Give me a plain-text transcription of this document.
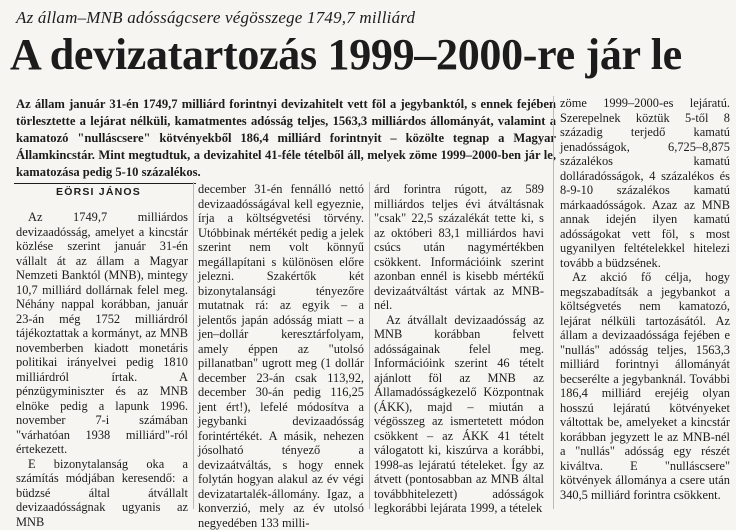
Az állam–MNB adósságcsere végösszege 1749,7 milliárd
A devizatartozás 1999–2000-re jár le
Az állam január 31-én 1749,7 milliárd forintnyi devizahitelt vett föl a jegybanktól, s ennek fejében törlesztette a lejárat nélküli, kamatmentes adósság teljes, 1563,3 milliárdos állományát, valamint a kamatozó "nulláscsere" kötvényekből 186,4 milliárd forintnyit – közölte tegnap a Magyar Államkincstár. Mint megtudtuk, a devizahitel 41-féle tételből áll, melyek zöme 1999–2000-ben jár le, kamatozása pedig 5-10 százalékos.
EÖRSI JÁNOS

Az 1749,7 milliárdos devizaadósság, amelyet a kincstár közlése szerint január 31-én vállalt át az állam a Magyar Nemzeti Banktól (MNB), mintegy 10,7 milliárd dollárnak felel meg. Néhány nappal korábban, január 23-án még 1752 milliárdról tájékoztattak a kormányt, az MNB novemberben kiadott monetáris politikai irányelvei pedig 1810 milliárdról írtak. A pénzügyminiszter és az MNB elnöke pedig a lapunk 1996. november 7-i számában "várhatóan 1938 milliárd"-ról értekezett.

E bizonytalanság oka a számítás módjában keresendő: a büdzsé által átvállalt devizaadósságnak ugyanis az MNB

december 31-én fennálló nettó devizaadósságával kell egyeznie, írja a költségvetési törvény. Utóbbinak mértékét pedig a jelek szerint nem volt könnyű megállapítani s különösen előre jelezni. Szakértők két bizonytalansági tényezőre mutatnak rá: az egyik – a jelentős japán adósság miatt – a jen–dollár keresztárfolyam, amely éppen az "utolsó pillanatban" ugrott meg (1 dollár december 23-án csak 113,92, december 30-án pedig 116,25 jent ért!), lefelé módosítva a jegybanki devizaadósság forintértékét. A másik, nehezen jósolható tényező a devizaátváltás, s hogy ennek folytán hogyan alakul az év végi devizatartalék-állomány. Igaz, a konverzió, mely az év utolsó negyedében 133 milli-

árd forintra rúgott, az 589 milliárdos teljes évi átváltásnak "csak" 22,5 százalékát tette ki, s az októberi 83,1 milliárdos havi csúcs után nagymértékben csökkent. Információink szerint azonban ennél is kisebb mértékű devizaátváltást vártak az MNB-nél.

Az átvállalt devizaadósság az MNB korábban felvett adósságainak felel meg. Információink szerint 46 tételt ajánlott föl az MNB az Államadósságkezelő Központnak (ÁKK), majd – miután a végösszeg az ismertetett módon csökkent – az ÁKK 41 tételt válogatott ki, kiszúrva a korábbi, 1998-as lejáratú tételeket. Így az átvett (pontosabban az MNB által továbbhitelezett) adósságok legkorábbi lejárata 1999, a tételek

zöme 1999–2000-es lejáratú. Szerepelnek köztük 5-től 8 századig terjedő kamatú jenadósságok, 6,725–8,875 százalékos kamatú dolláradósságok, 4 százalékos és 8-9-10 százalékos kamatú márkaadósságok. Azaz az MNB annak idején ilyen kamatú adósságokat vett föl, s most ugyanilyen feltételekkel hitelezi tovább a büdzsének.

Az akció fő célja, hogy megszabadítsák a jegybankot a költségvetés nem kamatozó, lejárat nélküli tartozásától. Az állam a devizaadóssága fejében e "nullás" adósság teljes, 1563,3 milliárd forintnyi állományát becserélte a jegybanknál. További 186,4 milliárd erejéig olyan hosszú lejáratú kötvényeket váltottak be, amelyeket a kincstár korábban jegyzett le az MNB-nél a "nullás" adósság egy részét kiváltva. E "nulláscsere" kötvények állománya a csere után 340,5 milliárd forintra csökkent.
